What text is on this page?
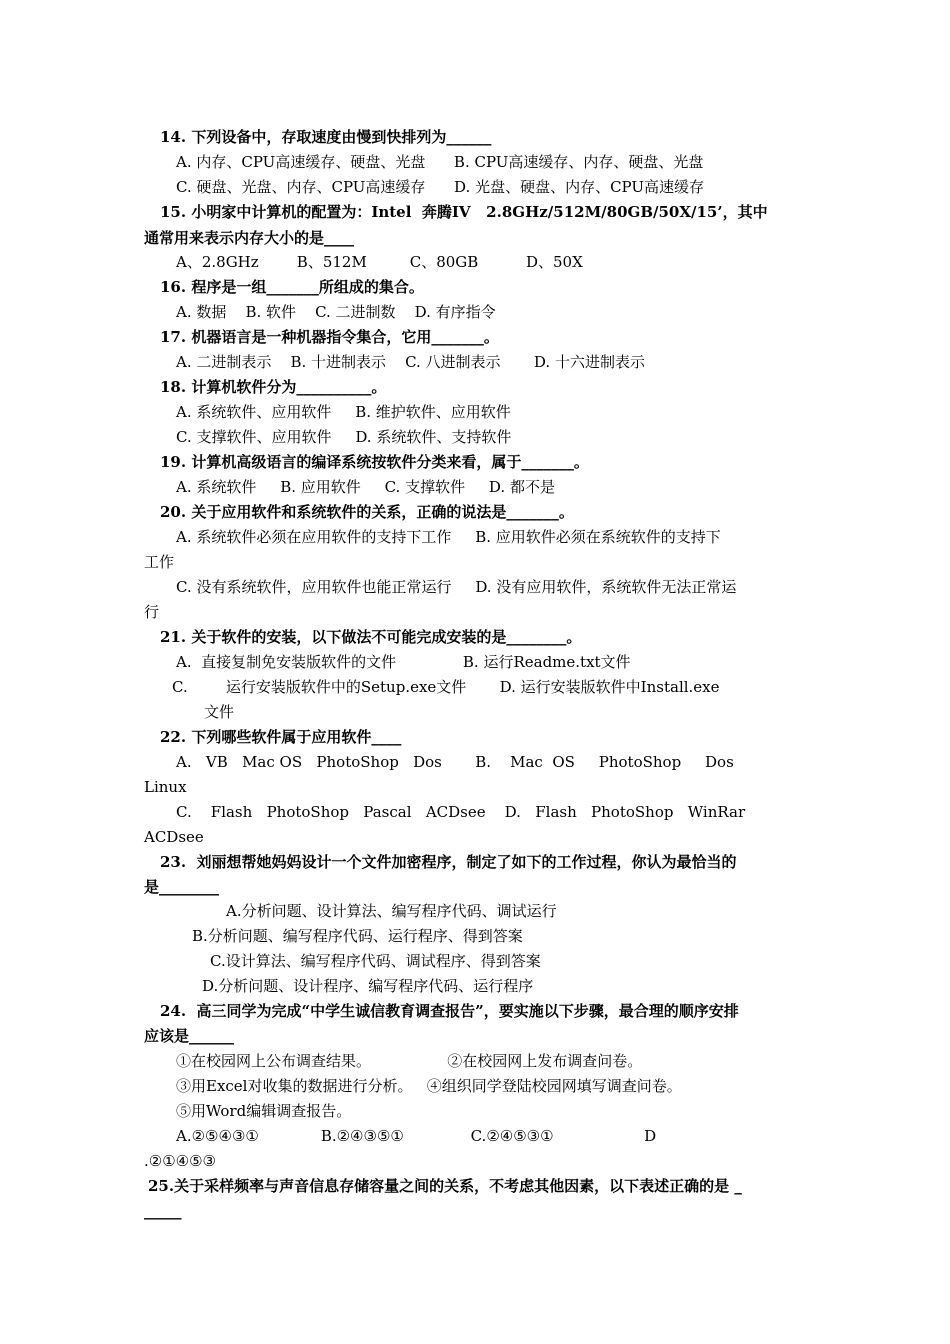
14. 下列设备中，存取速度由慢到快排列为______
A. 内存、CPU高速缓存、硬盘、光盘      B. CPU高速缓存、内存、硬盘、光盘
C. 硬盘、光盘、内存、CPU高速缓存      D. 光盘、硬盘、内存、CPU高速缓存
15. 小明家中计算机的配置为：Intel  奔腾IV   2.8GHz/512M/80GB/50Ⅹ/15’，其中
通常用来表示内存大小的是____
A、2.8GHz        B、512M         C、80GB          D、50Ⅹ
16. 程序是一组_______所组成的集合。
A. 数据    B. 软件    C. 二进制数    D. 有序指令
17. 机器语言是一种机器指令集合，它用_______。
A. 二进制表示    B. 十进制表示    C. 八进制表示       D. 十六进制表示
18. 计算机软件分为__________。
A. 系统软件、应用软件     B. 维护软件、应用软件
C. 支撑软件、应用软件     D. 系统软件、支持软件
19. 计算机高级语言的编译系统按软件分类来看，属于_______。
A. 系统软件     B. 应用软件     C. 支撑软件     D. 都不是
20. 关于应用软件和系统软件的关系，正确的说法是_______。
A. 系统软件必须在应用软件的支持下工作     B. 应用软件必须在系统软件的支持下
工作
C. 没有系统软件，应用软件也能正常运行     D. 没有应用软件，系统软件无法正常运
行
21. 关于软件的安装，以下做法不可能完成安装的是________。
A.  直接复制免安装版软件的文件              B. 运行Readme.txt文件
C.        运行安装版软件中的Setup.exe文件       D. 运行安装版软件中Install.exe
文件
22. 下列哪些软件属于应用软件____
A.   VB   Mac OS   PhotoShop   Dos       B.    Mac  OS     PhotoShop     Dos
Linux
C.    Flash   PhotoShop   Pascal   ACDsee    D.   Flash   PhotoShop   WinRar
ACDsee
23.  刘丽想帮她妈妈设计一个文件加密程序，制定了如下的工作过程，你认为最恰当的
是________
A.分析问题、设计算法、编写程序代码、调试运行
B.分析问题、编写程序代码、运行程序、得到答案
C.设计算法、编写程序代码、调试程序、得到答案
D.分析问题、设计程序、编写程序代码、运行程序
24.  高三同学为完成“中学生诚信教育调查报告”，要实施以下步骤，最合理的顺序安排
应该是______
①在校园网上公布调查结果。                ②在校园网上发布调查问卷。
③用Excel对收集的数据进行分析。   ④组织同学登陆校园网填写调查问卷。
⑤用Word编辑调查报告。
A.②⑤④③①             B.②④③⑤①              C.②④⑤③①                   D
.②①④⑤③
25.关于采样频率与声音信息存储容量之间的关系，不考虑其他因素，以下表述正确的是 _
_____
